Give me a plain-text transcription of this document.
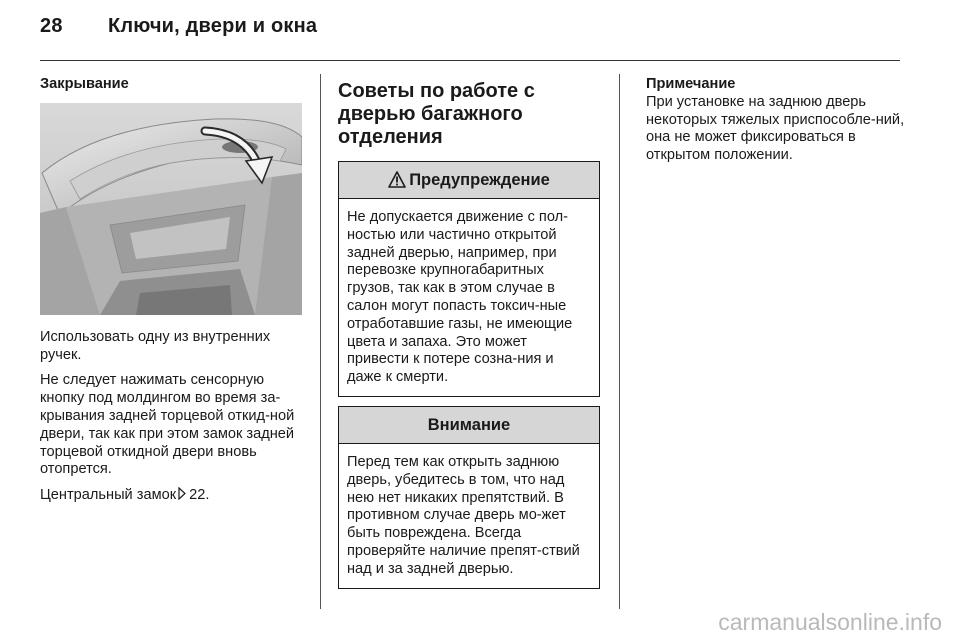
28 Ключи, двери и окна
Закрывание

Использовать одну из внутренних ручек.

Не следует нажимать сенсорную кнопку под молдингом во время за-крывания задней торцевой откид-ной двери, так как при этом замок задней торцевой откидной двери вновь отопрется.

Центральный замок 22.

Советы по работе с дверью багажного отделения
Предупреждение
Не допускается движение с пол-ностью или частично открытой задней дверью, например, при перевозке крупногабаритных грузов, так как в этом случае в салон могут попасть токсич-ные отработавшие газы, не имеющие цвета и запаха. Это может привести к потере созна-ния и даже к смерти.
Внимание
Перед тем как открыть заднюю дверь, убедитесь в том, что над нею нет никаких препятствий. В противном случае дверь мо-жет быть повреждена. Всегда проверяйте наличие препят-ствий над и за задней дверью.
Примечание
При установке на заднюю дверь некоторых тяжелых приспособле-ний, она не может фиксироваться в открытом положении.
carmanualsonline.info
